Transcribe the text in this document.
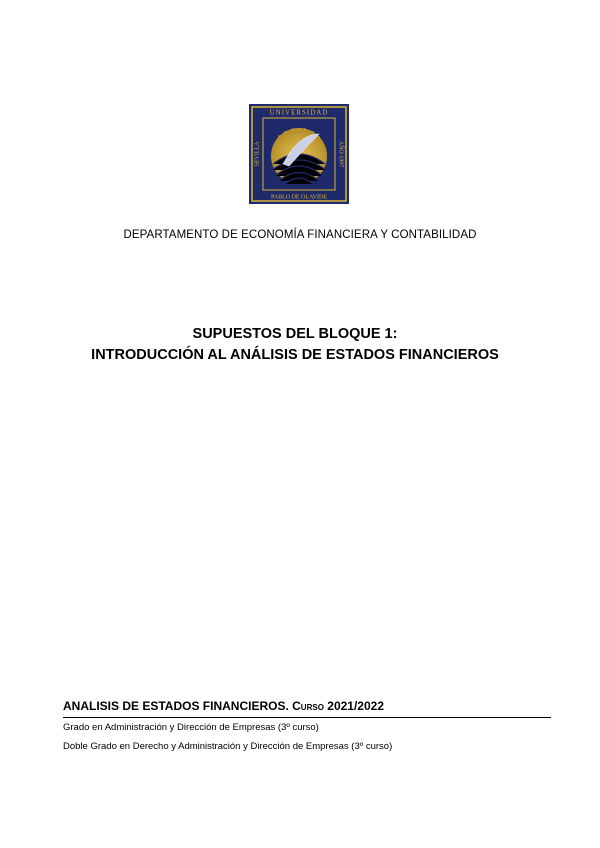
UNIVERSIDAD
PABLO DE OLAVIDE
SEVILLA	AÑO 1997
DEPARTAMENTO DE ECONOMÍA FINANCIERA Y CONTABILIDAD
SUPUESTOS DEL BLOQUE 1:
INTRODUCCIÓN AL ANÁLISIS DE ESTADOS FINANCIEROS
ANALISIS DE ESTADOS FINANCIEROS. Curso 2021/2022
Grado en Administración y Dirección de Empresas (3º curso)
Doble Grado en Derecho y Administración y Dirección de Empresas (3º curso)
